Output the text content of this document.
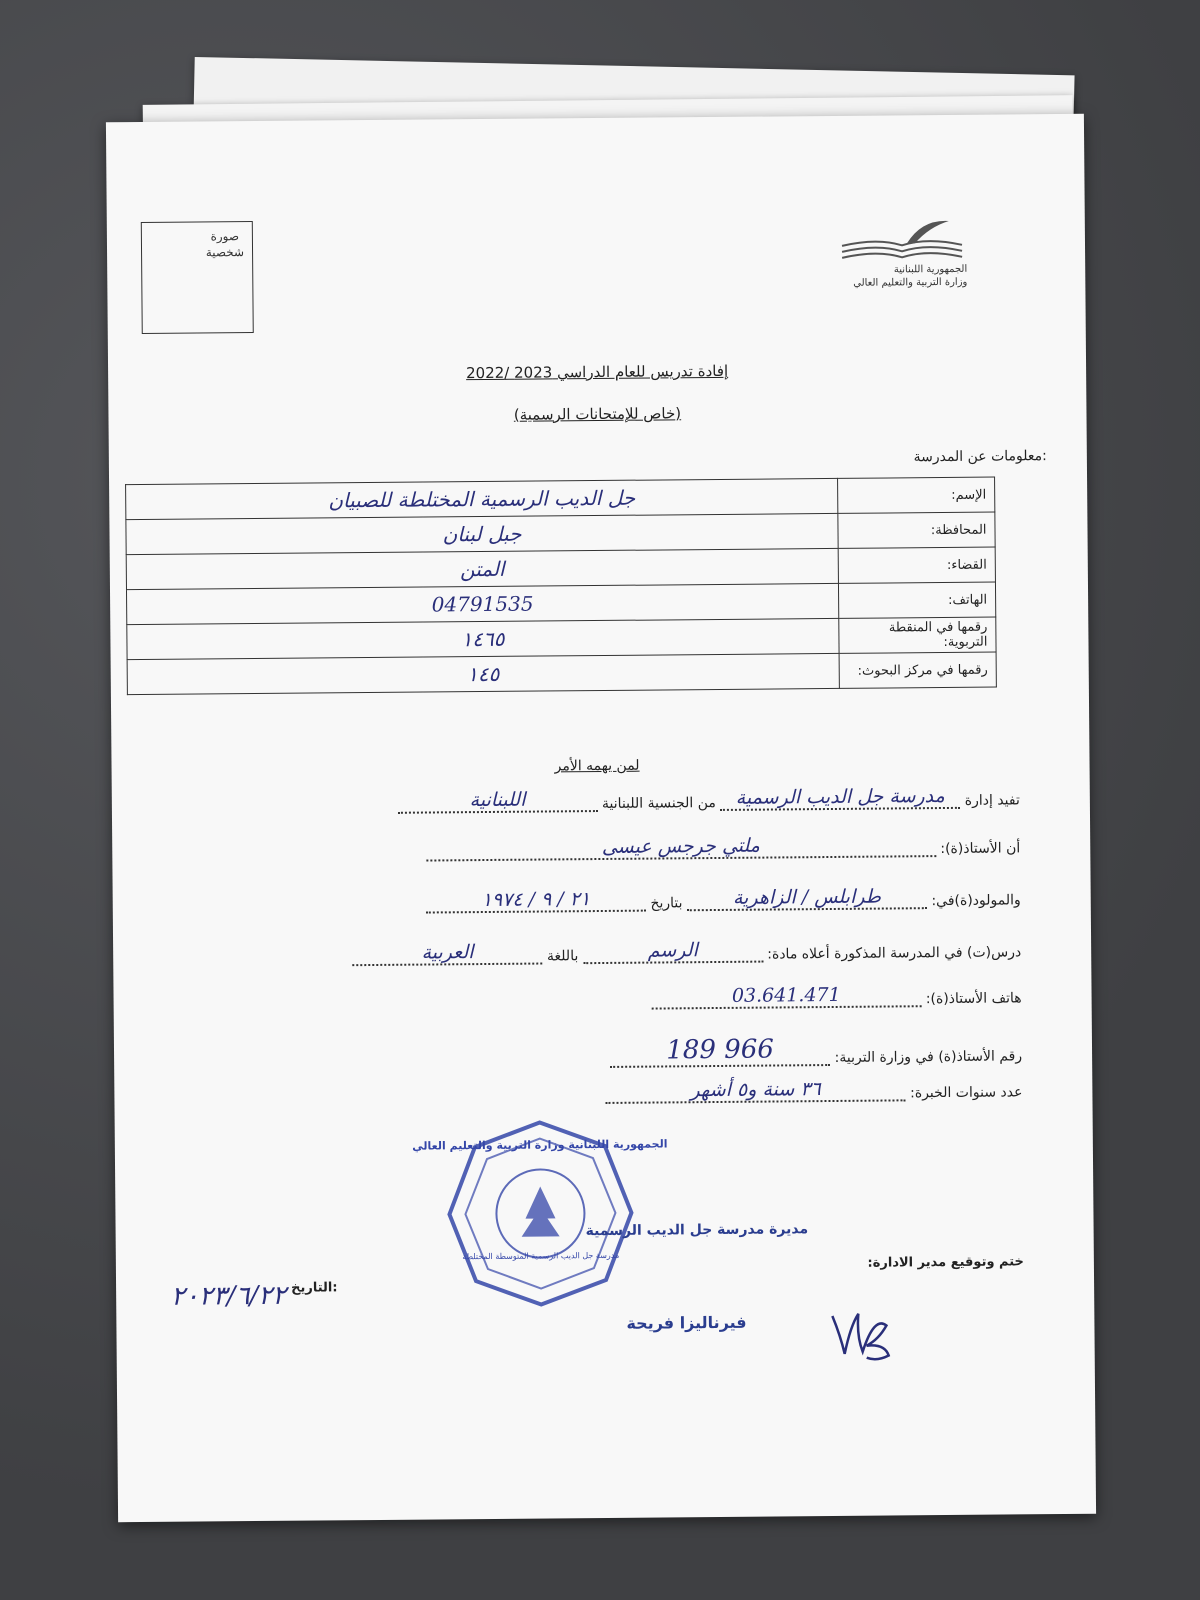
صورة
شخصية
الجمهورية اللبنانية
وزارة التربية والتعليم العالي
إفادة تدريس للعام الدراسي 2023 /2022
(خاص للإمتحانات الرسمية)
معلومات عن المدرسة:
جل الديب الرسمية المختلطة للصبيان	الإسم:
جبل لبنان	المحافظة:
المتن	القضاء:
04791535	الهاتف:
١٤٦٥	رقمها في المنقطة التربوية:
١٤٥	رقمها في مركز البحوث:
لمن يهمه الأمر
تفيد إدارة مدرسة جل الديب الرسمية من الجنسية اللبنانية اللبنانية
أن الأستاذ(ة): ملتي جرجس عيسى
والمولود(ة)في: طرابلس / الزاهرية بتاريخ ٢١ / ٩ / ١٩٧٤
درس(ت) في المدرسة المذكورة أعلاه مادة: الرسم باللغة العربية
هاتف الأستاذ(ة): 03.641.471
رقم الأستاذ(ة) في وزارة التربية: 966 189
عدد سنوات الخبرة: ٣٦ سنة و٥ أشهر
الجمهورية اللبنانية وزارة التربية والتعليم العالي
مدرسة جل الديب الرسمية المتوسطة المختلطة
مديرة مدرسة جل الديب الرسمية
فيرناليزا فريحة
ختم وتوقيع مدير الادارة:
التاريخ:
٢٠٢٣/٦/٢٢
